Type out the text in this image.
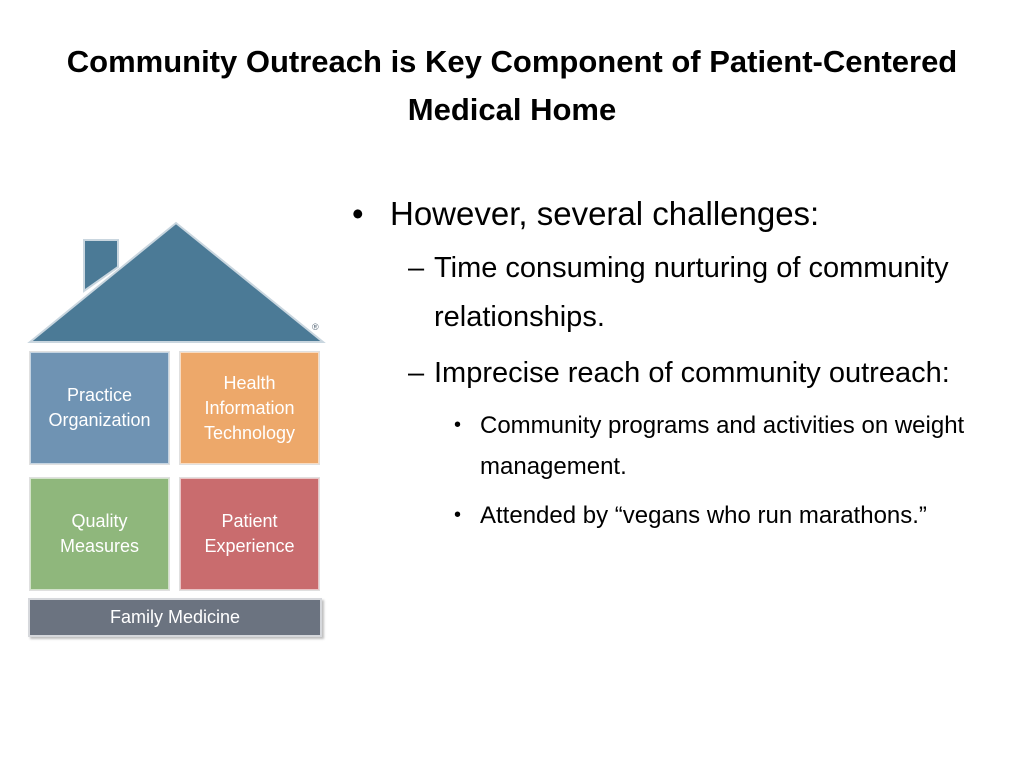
Community Outreach is Key Component of Patient-Centered Medical Home
®
Practice
Organization
Health
Information
Technology
Quality
Measures
Patient
Experience
Family Medicine
• However, several challenges:
– Time consuming nurturing of community relationships.
– Imprecise reach of community outreach:
• Community programs and activities on weight management.
• Attended by “vegans who run marathons.”
